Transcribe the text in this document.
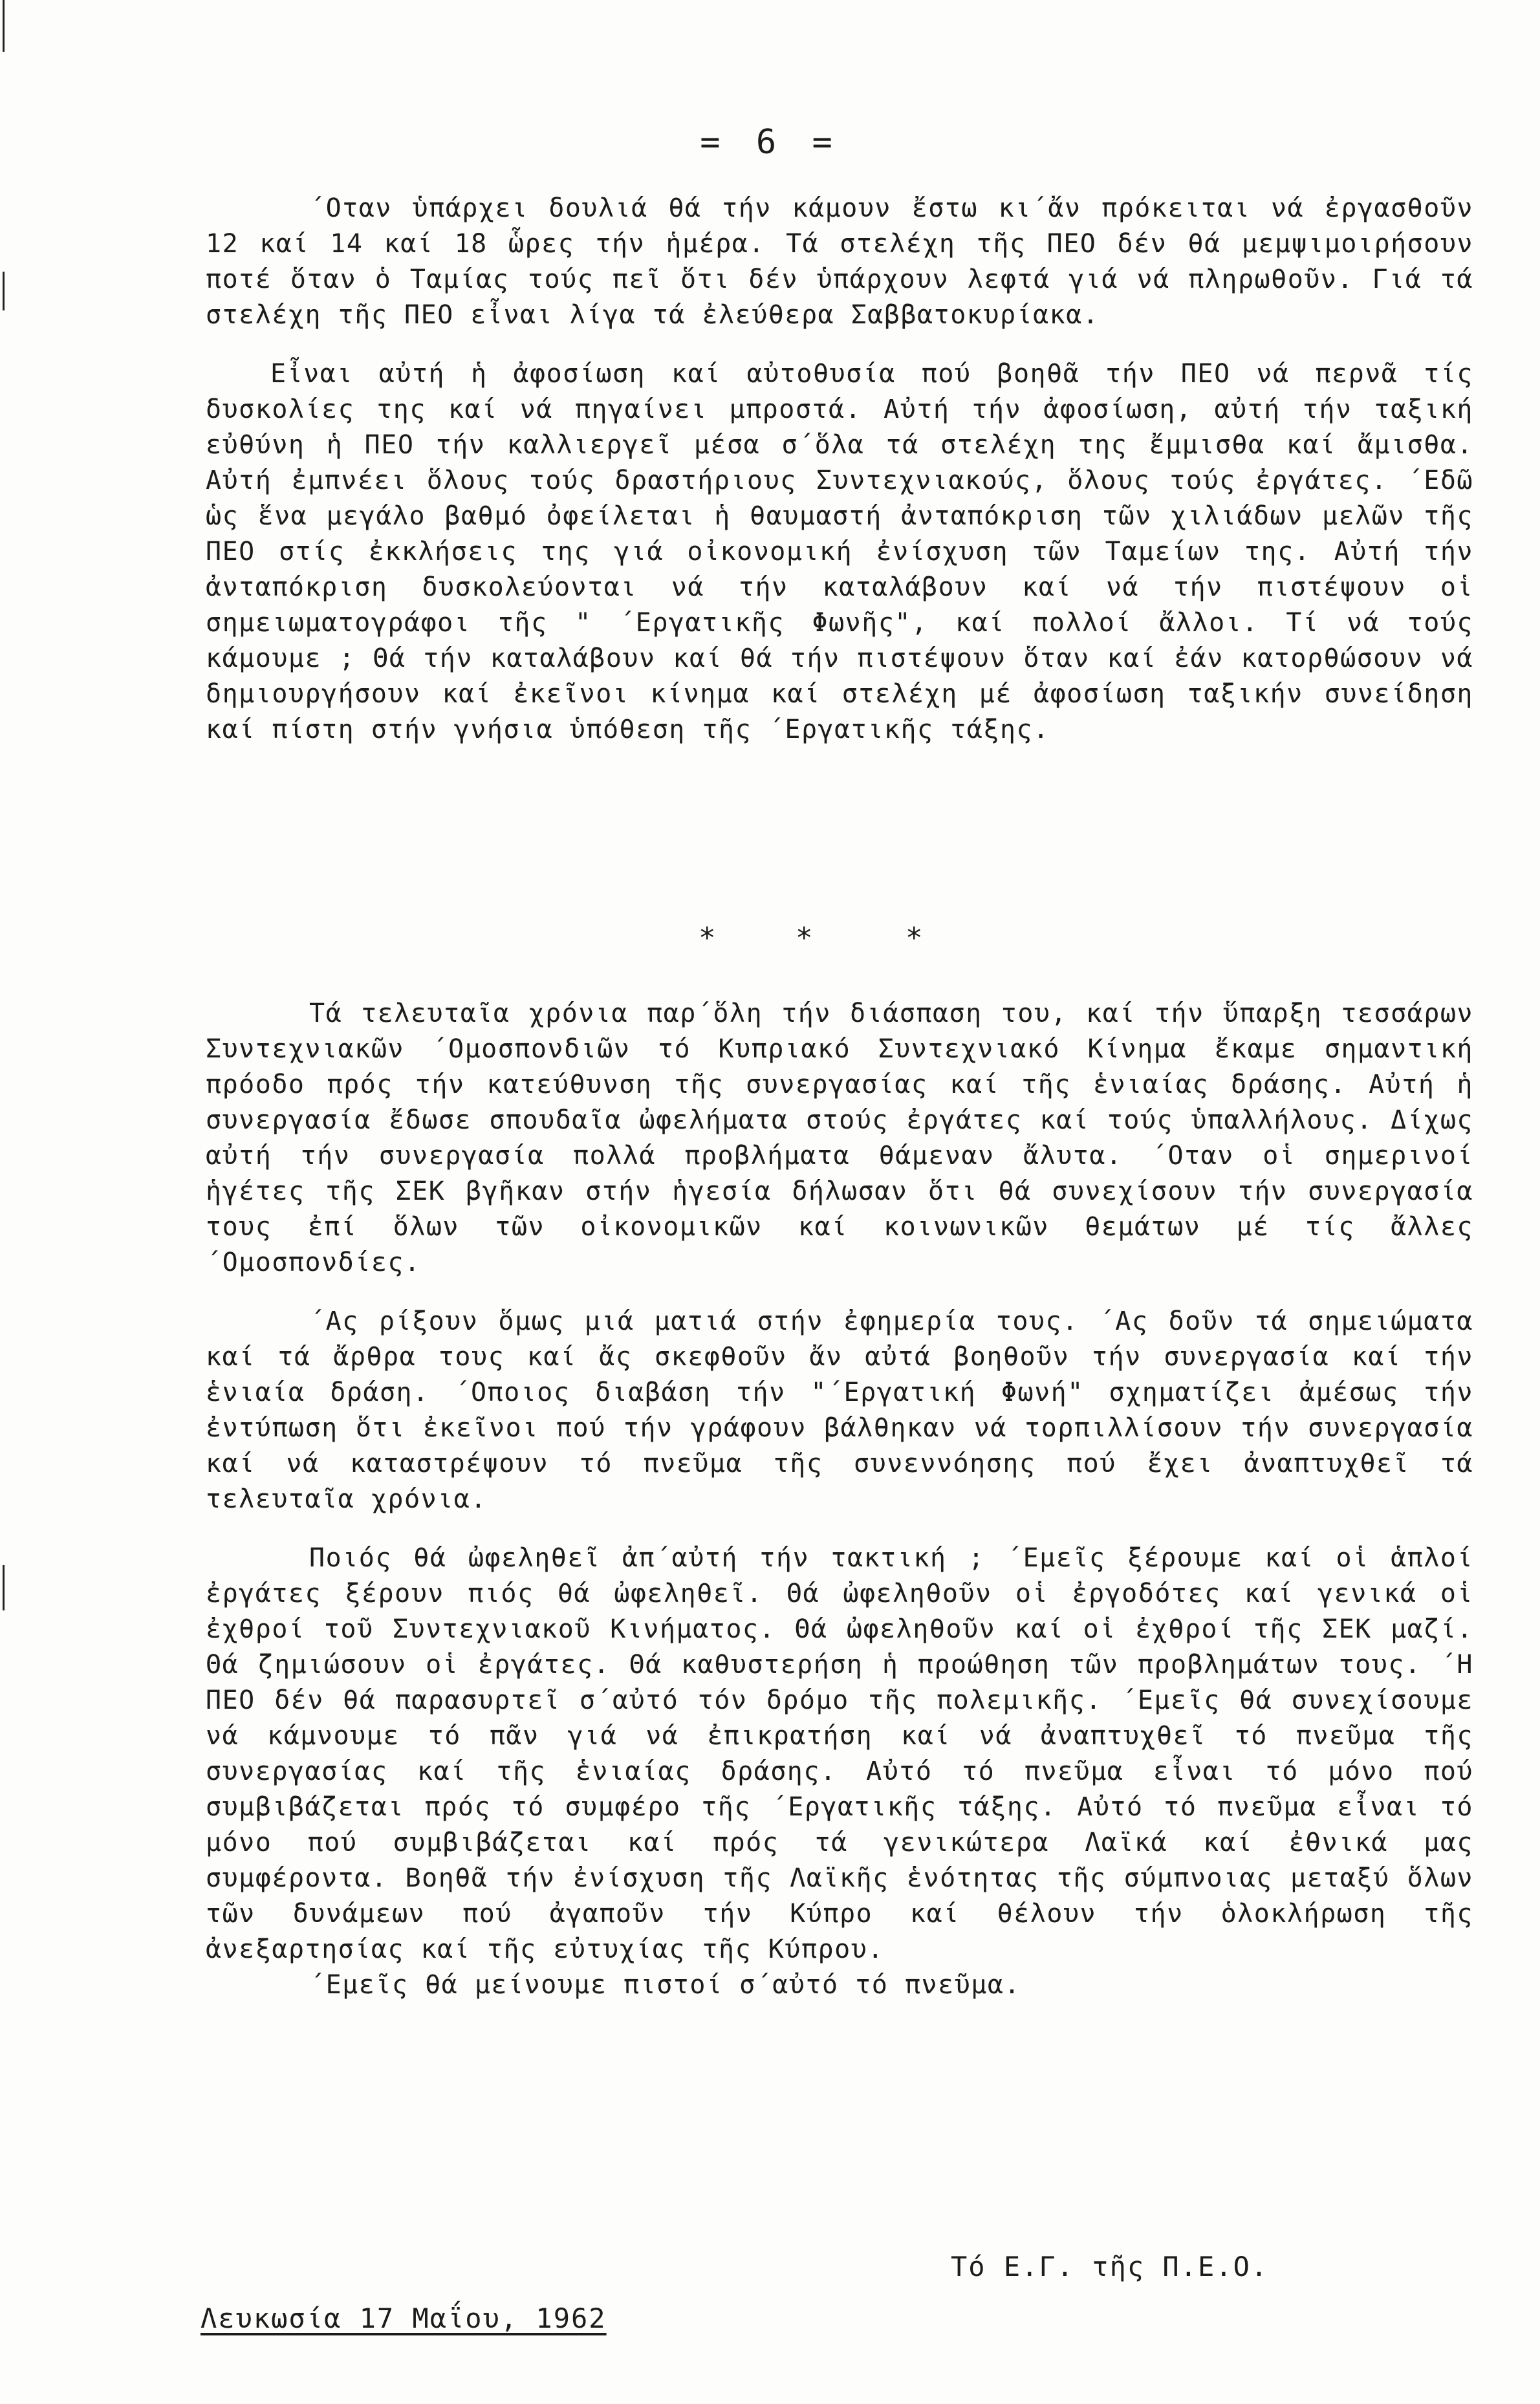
= 6 =

΄Οταν ὑπάρχει δουλιά θά τήν κάμουν ἔστω κι΄ἄν πρόκειται νά ἐργασθοῦν 12 καί 14 καί 18 ὧρες τήν ἡμέρα. Τά στελέχη τῆς ΠΕΟ δέν θά μεμψιμοιρήσουν ποτέ ὅταν ὁ Ταμίας τούς πεῖ ὅτι δέν ὑπάρχουν λεφτά γιά νά πληρωθοῦν. Γιά τά στελέχη τῆς ΠΕΟ εἶναι λίγα τά ἐλεύθερα Σαββατοκυρίακα.

Εἶναι αὐτή ἡ ἀφοσίωση καί αὐτοθυσία πού βοηθᾶ τήν ΠΕΟ νά περνᾶ τίς δυσκολίες της καί νά πηγαίνει μπροστά. Αὐτή τήν ἀφοσίωση, αὐτή τήν ταξική εὐθύνη ἡ ΠΕΟ τήν καλλιεργεῖ μέσα σ΄ὅλα τά στελέχη της ἔμμισθα καί ἄμισθα. Αὐτή ἐμπνέει ὅλους τούς δραστήριους Συντεχνιακούς, ὅλους τούς ἐργάτες. ΄Εδῶ ὡς ἕνα μεγάλο βαθμό ὀφείλεται ἡ θαυμαστή ἀνταπόκριση τῶν χιλιάδων μελῶν τῆς ΠΕΟ στίς ἐκκλήσεις της γιά οἰκονομική ἐνίσχυση τῶν Ταμείων της. Αὐτή τήν ἀνταπόκριση δυσκολεύονται νά τήν καταλάβουν καί νά τήν πιστέψουν οἱ σημειωματογράφοι τῆς " ΄Εργατικῆς Φωνῆς", καί πολλοί ἄλλοι. Τί νά τούς κάμουμε ; Θά τήν καταλάβουν καί θά τήν πιστέψουν ὅταν καί ἐάν κατορθώσουν νά δημιουργήσουν καί ἐκεῖνοι κίνημα καί στελέχη μέ ἀφοσίωση ταξικήν συνείδηση καί πίστη στήν γνήσια ὑπόθεση τῆς ΄Εργατικῆς τάξης.

*	*	*

Τά τελευταῖα χρόνια παρ΄ὅλη τήν διάσπαση του, καί τήν ὕπαρξη τεσσάρων Συντεχνιακῶν ΄Ομοσπονδιῶν τό Κυπριακό Συντεχνιακό Κίνημα ἔκαμε σημαντική πρόοδο πρός τήν κατεύθυνση τῆς συνεργασίας καί τῆς ἑνιαίας δράσης. Αὐτή ἡ συνεργασία ἔδωσε σπουδαῖα ὠφελήματα στούς ἐργάτες καί τούς ὑπαλλήλους. Δίχως αὐτή τήν συνεργασία πολλά προβλήματα θάμεναν ἄλυτα. ΄Οταν οἱ σημερινοί ἡγέτες τῆς ΣΕΚ βγῆκαν στήν ἡγεσία δήλωσαν ὅτι θά συνεχίσουν τήν συνεργασία τους ἐπί ὅλων τῶν οἰκονομικῶν καί κοινωνικῶν θεμάτων μέ τίς ἄλλες ΄Ομοσπονδίες.

΄Ας ρίξουν ὅμως μιά ματιά στήν ἐφημερία τους. ΄Ας δοῦν τά σημειώματα καί τά ἄρθρα τους καί ἄς σκεφθοῦν ἄν αὐτά βοηθοῦν τήν συνεργασία καί τήν ἑνιαία δράση. ΄Οποιος διαβάση τήν "΄Εργατική Φωνή" σχηματίζει ἀμέσως τήν ἐντύπωση ὅτι ἐκεῖνοι πού τήν γράφουν βάλθηκαν νά τορπιλλίσουν τήν συνεργασία καί νά καταστρέψουν τό πνεῦμα τῆς συνεννόησης πού ἔχει ἀναπτυχθεῖ τά τελευταῖα χρόνια.

Ποιός θά ὠφεληθεῖ ἀπ΄αὐτή τήν τακτική ; ΄Εμεῖς ξέρουμε καί οἱ ἁπλοί ἐργάτες ξέρουν πιός θά ὠφεληθεῖ. Θά ὠφεληθοῦν οἱ ἐργοδότες καί γενικά οἱ ἐχθροί τοῦ Συντεχνιακοῦ Κινήματος. Θά ὠφεληθοῦν καί οἱ ἐχθροί τῆς ΣΕΚ μαζί. Θά ζημιώσουν οἱ ἐργάτες. Θά καθυστερήση ἡ προώθηση τῶν προβλημάτων τους. ΄Η ΠΕΟ δέν θά παρασυρτεῖ σ΄αὐτό τόν δρόμο τῆς πολεμικῆς. ΄Εμεῖς θά συνεχίσουμε νά κάμνουμε τό πᾶν γιά νά ἐπικρατήση καί νά ἀναπτυχθεῖ τό πνεῦμα τῆς συνεργασίας καί τῆς ἑνιαίας δράσης. Αὐτό τό πνεῦμα εἶναι τό μόνο πού συμβιβάζεται πρός τό συμφέρο τῆς ΄Εργατικῆς τάξης. Αὐτό τό πνεῦμα εἶναι τό μόνο πού συμβιβάζεται καί πρός τά γενικώτερα Λαϊκά καί ἐθνικά μας συμφέροντα. Βοηθᾶ τήν ἐνίσχυση τῆς Λαϊκῆς ἑνότητας τῆς σύμπνοιας μεταξύ ὅλων τῶν δυνάμεων πού ἀγαποῦν τήν Κύπρο καί θέλουν τήν ὁλοκλήρωση τῆς ἀνεξαρτησίας καί τῆς εὐτυχίας τῆς Κύπρου.

΄Εμεῖς θά μείνουμε πιστοί σ΄αὐτό τό πνεῦμα.

Τό Ε.Γ. τῆς Π.Ε.Ο.
Λευκωσία 17 Μαΐου, 1962
